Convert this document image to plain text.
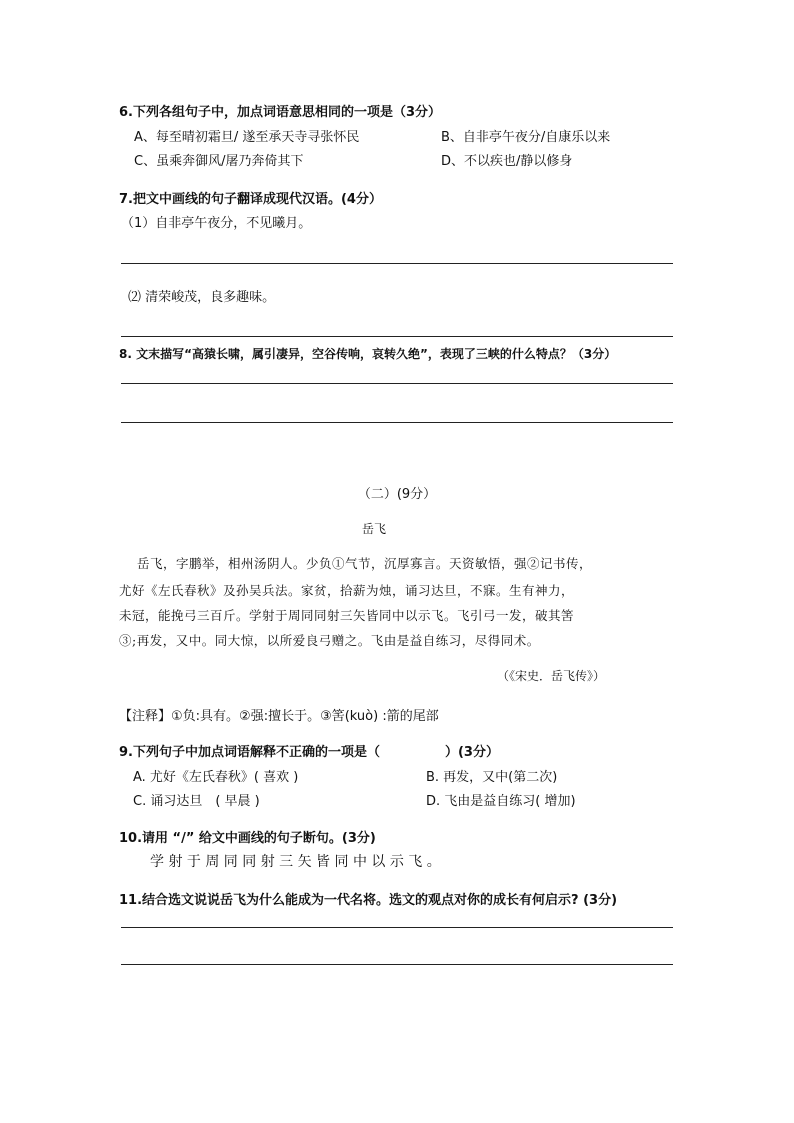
6.下列各组句子中，加点词语意思相同的一项是（3分）
A、每至晴初霜旦/ 遂至承天寺寻张怀民	B、自非亭午夜分/自康乐以来
C、虽乘奔御风/屠乃奔倚其下	D、不以疾也/静以修身
7.把文中画线的句子翻译成现代汉语。(4分）
（1）自非亭午夜分，不见曦月。
⑵ 清荣峻茂，良多趣味。
8. 文末描写“高猿长啸，属引凄异，空谷传响，哀转久绝”，表现了三峡的什么特点？（3分）
（二）(9分）
岳飞
岳飞，字鹏举，相州汤阴人。少负①气节，沉厚寡言。天资敏悟，强②记书传，
尤好《左氏春秋》及孙吴兵法。家贫，拾薪为烛，诵习达旦，不寐。生有神力，
未冠，能挽弓三百斤。学射于周同同射三矢皆同中以示飞。飞引弓一发，破其筈
③;再发，又中。同大惊，以所爱良弓赠之。飞由是益自练习，尽得同术。
（《宋史．岳飞传》）
【注释】①负:具有。②强:擅长于。③筈(kuò) :箭的尾部
9.下列句子中加点词语解释不正确的一项是（　　　　　）(3分）
A. 尤好《左氏春秋》( 喜欢 )	B. 再发，又中(第二次)
C. 诵习达旦　( 早晨 )	D. 飞由是益自练习( 增加)
10.请用 “/” 给文中画线的句子断句。(3分)
学 射 于 周 同 同 射 三 矢 皆 同 中 以 示 飞 。
11.结合选文说说岳飞为什么能成为一代名将。选文的观点对你的成长有何启示? (3分)
